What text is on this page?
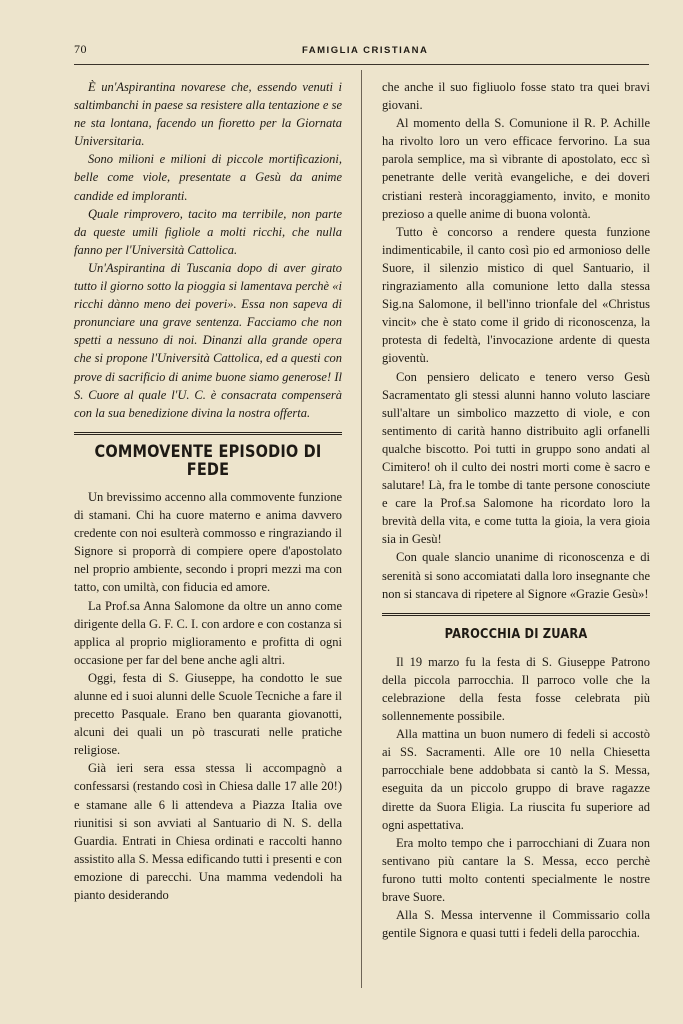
70	FAMIGLIA CRISTIANA

È un'Aspirantina novarese che, essendo venuti i saltimbanchi in paese sa resistere alla tentazione e se ne sta lontana, facendo un fioretto per la Giornata Universitaria.

Sono milioni e milioni di piccole mortificazioni, belle come viole, presentate a Gesù da anime candide ed imploranti.

Quale rimprovero, tacito ma terribile, non parte da queste umili figliole a molti ricchi, che nulla fanno per l'Università Cattolica.

Un'Aspirantina di Tuscania dopo di aver girato tutto il giorno sotto la pioggia si lamentava perchè «i ricchi dànno meno dei poveri». Essa non sapeva di pronunciare una grave sentenza. Facciamo che non spetti a nessuno di noi. Dinanzi alla grande opera che si propone l'Università Cattolica, ed a questi con prove di sacrificio di anime buone siamo generose! Il S. Cuore al quale l'U. C. è consacrata compenserà con la sua benedizione divina la nostra offerta.

COMMOVENTE EPISODIO DI FEDE

Un brevissimo accenno alla commovente funzione di stamani. Chi ha cuore materno e anima davvero credente con noi esulterà commosso e ringraziando il Signore si proporrà di compiere opere d'apostolato nel proprio ambiente, secondo i propri mezzi ma con tatto, con umiltà, con fiducia ed amore.

La Prof.sa Anna Salomone da oltre un anno come dirigente della G. F. C. I. con ardore e con costanza si applica al proprio miglioramento e profitta di ogni occasione per far del bene anche agli altri.

Oggi, festa di S. Giuseppe, ha condotto le sue alunne ed i suoi alunni delle Scuole Tecniche a fare il precetto Pasquale. Erano ben quaranta giovanotti, alcuni dei quali un pò trascurati nelle pratiche religiose.

Già ieri sera essa stessa li accompagnò a confessarsi (restando così in Chiesa dalle 17 alle 20!) e stamane alle 6 li attendeva a Piazza Italia ove riunitisi si son avviati al Santuario di N. S. della Guardia. Entrati in Chiesa ordinati e raccolti hanno assistito alla S. Messa edificando tutti i presenti e con emozione di parecchi. Una mamma vedendoli ha pianto desiderando

che anche il suo figliuolo fosse stato tra quei bravi giovani.

Al momento della S. Comunione il R. P. Achille ha rivolto loro un vero efficace fervorino. La sua parola semplice, ma sì vibrante di apostolato, ecc sì penetrante delle verità evangeliche, e dei doveri cristiani resterà incoraggiamento, invito, e monito prezioso a quelle anime di buona volontà.

Tutto è concorso a rendere questa funzione indimenticabile, il canto così pio ed armonioso delle Suore, il silenzio mistico di quel Santuario, il ringraziamento alla comunione letto dalla stessa Sig.na Salomone, il bell'inno trionfale del «Christus vincit» che è stato come il grido di riconoscenza, la protesta di fedeltà, l'invocazione ardente di questa gioventù.

Con pensiero delicato e tenero verso Gesù Sacramentato gli stessi alunni hanno voluto lasciare sull'altare un simbolico mazzetto di viole, e con sentimento di carità hanno distribuito agli orfanelli qualche biscotto. Poi tutti in gruppo sono andati al Cimitero! oh il culto dei nostri morti come è sacro e salutare! Là, fra le tombe di tante persone conosciute e care la Prof.sa Salomone ha ricordato loro la brevità della vita, e come tutta la gioia, la vera gioia sia in Gesù!

Con quale slancio unanime di riconoscenza e di serenità si sono accomiatati dalla loro insegnante che non si stancava di ripetere al Signore «Grazie Gesù»!

PAROCCHIA DI ZUARA

Il 19 marzo fu la festa di S. Giuseppe Patrono della piccola parrocchia. Il parroco volle che la celebrazione della festa fosse celebrata più sollennemente possibile.

Alla mattina un buon numero di fedeli si accostò ai SS. Sacramenti. Alle ore 10 nella Chiesetta parrocchiale bene addobbata si cantò la S. Messa, eseguita da un piccolo gruppo di brave ragazze dirette da Suora Eligia. La riuscita fu superiore ad ogni aspettativa.

Era molto tempo che i parrocchiani di Zuara non sentivano più cantare la S. Messa, ecco perchè furono tutti molto contenti specialmente le nostre brave Suore.

Alla S. Messa intervenne il Commissario colla gentile Signora e quasi tutti i fedeli della parocchia.
